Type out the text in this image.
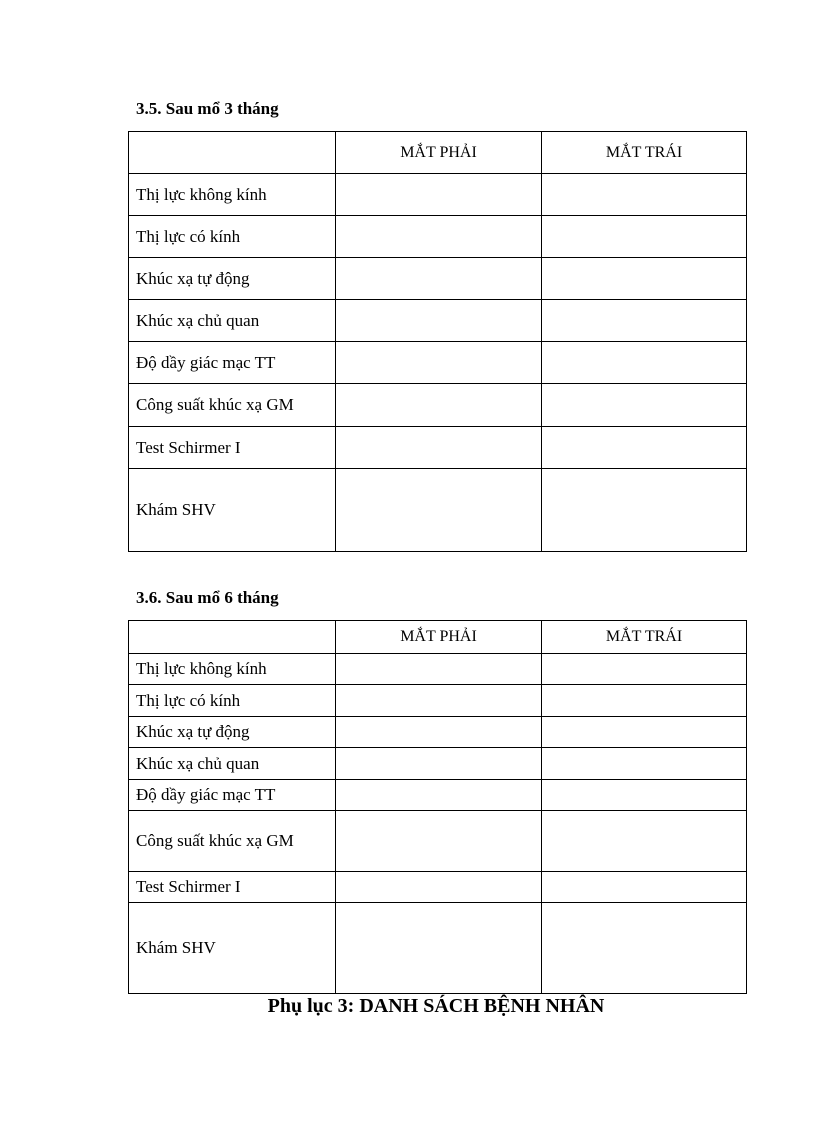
3.5. Sau mổ 3 tháng

	MẮT PHẢI	MẮT TRÁI
Thị lực không kính		
Thị lực có kính		
Khúc xạ tự động		
Khúc xạ chủ quan		
Độ dầy giác mạc TT		
Công suất khúc xạ GM		
Test Schirmer I		
Khám SHV		

3.6. Sau mổ 6 tháng

	MẮT PHẢI	MẮT TRÁI
Thị lực không kính		
Thị lực có kính		
Khúc xạ tự động		
Khúc xạ chủ quan		
Độ dầy giác mạc TT		
Công suất khúc xạ GM		
Test Schirmer I		
Khám SHV		

Phụ lục 3: DANH SÁCH BỆNH NHÂN
